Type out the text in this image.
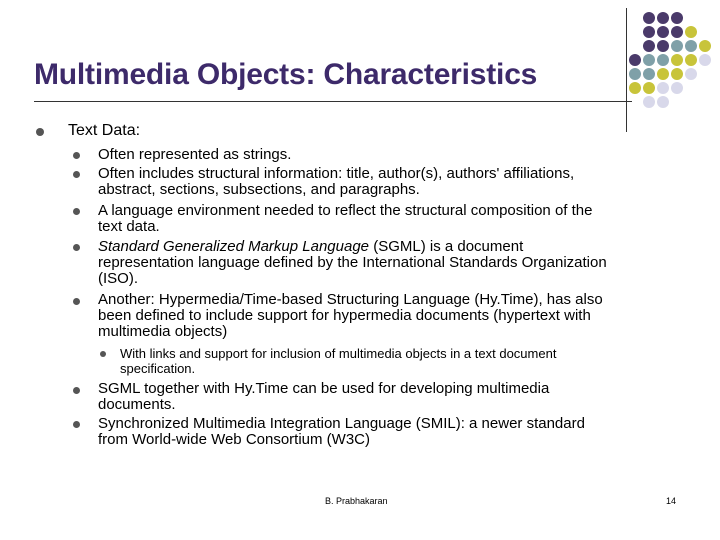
Multimedia Objects: Characteristics
Text Data:
Often represented as strings.
Often includes structural information: title, author(s), authors' affiliations,
abstract, sections, subsections, and paragraphs.
A language environment needed to reflect the structural composition of the
text data.
Standard Generalized Markup Language (SGML) is a document
representation language defined by the International Standards Organization
(ISO).
Another: Hypermedia/Time-based Structuring Language (Hy.Time), has also
been defined to include support for hypermedia documents (hypertext with
multimedia objects)
With links and support for inclusion of multimedia objects in a text document
specification.
SGML together with Hy.Time can be used for developing multimedia
documents.
Synchronized Multimedia Integration Language (SMIL): a newer standard
from World-wide Web Consortium (W3C)
B. Prabhakaran	14
